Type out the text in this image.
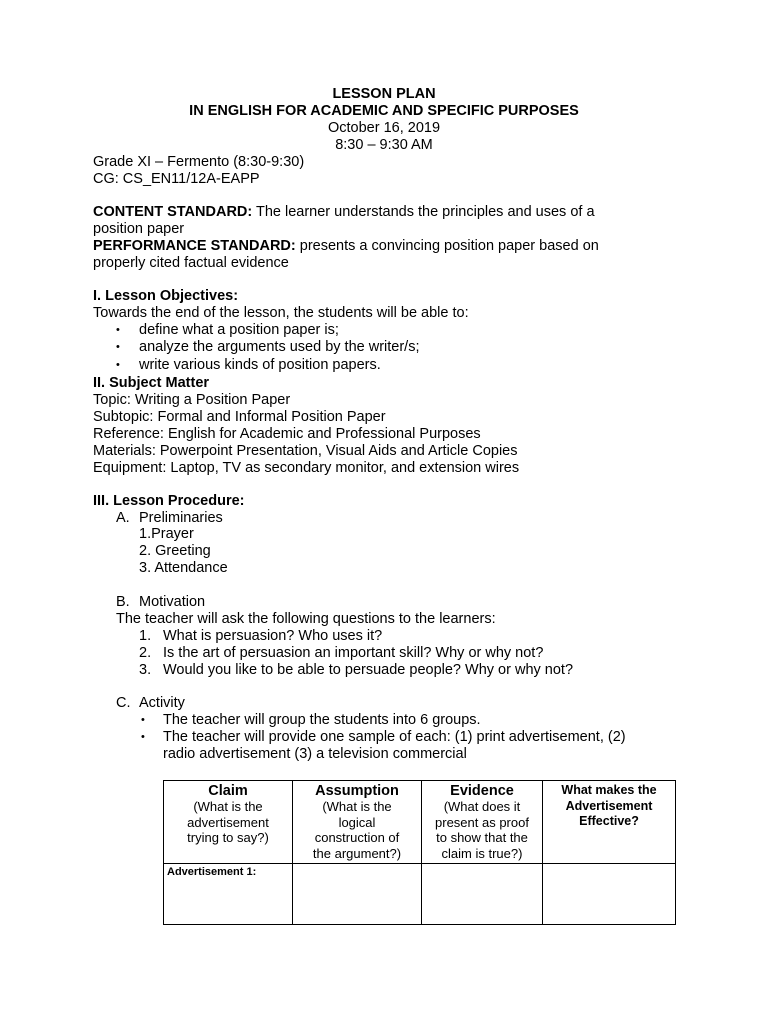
LESSON PLAN
IN ENGLISH FOR ACADEMIC AND SPECIFIC PURPOSES
October 16, 2019
8:30 – 9:30 AM
Grade XI – Fermento (8:30-9:30)
CG: CS_EN11/12A-EAPP
CONTENT STANDARD: The learner understands the principles and uses of a
position paper
PERFORMANCE STANDARD: presents a convincing position paper based on
properly cited factual evidence
I. Lesson Objectives:
Towards the end of the lesson, the students will be able to:
• define what a position paper is;
• analyze the arguments used by the writer/s;
• write various kinds of position papers.
II. Subject Matter
Topic: Writing a Position Paper
Subtopic: Formal and Informal Position Paper
Reference: English for Academic and Professional Purposes
Materials: Powerpoint Presentation, Visual Aids and Article Copies
Equipment: Laptop, TV as secondary monitor, and extension wires
III. Lesson Procedure:
A. Preliminaries
1.Prayer
2. Greeting
3. Attendance
B. Motivation
The teacher will ask the following questions to the learners:
1. What is persuasion? Who uses it?
2. Is the art of persuasion an important skill? Why or why not?
3. Would you like to be able to persuade people? Why or why not?
C. Activity
• The teacher will group the students into 6 groups.
• The teacher will provide one sample of each: (1) print advertisement, (2)
radio advertisement (3) a television commercial
Claim
(What is the
advertisement
trying to say?)	Assumption
(What is the
logical
construction of
the argument?)	Evidence
(What does it
present as proof
to show that the
claim is true?)	What makes the
Advertisement
Effective?

Advertisement 1:			
